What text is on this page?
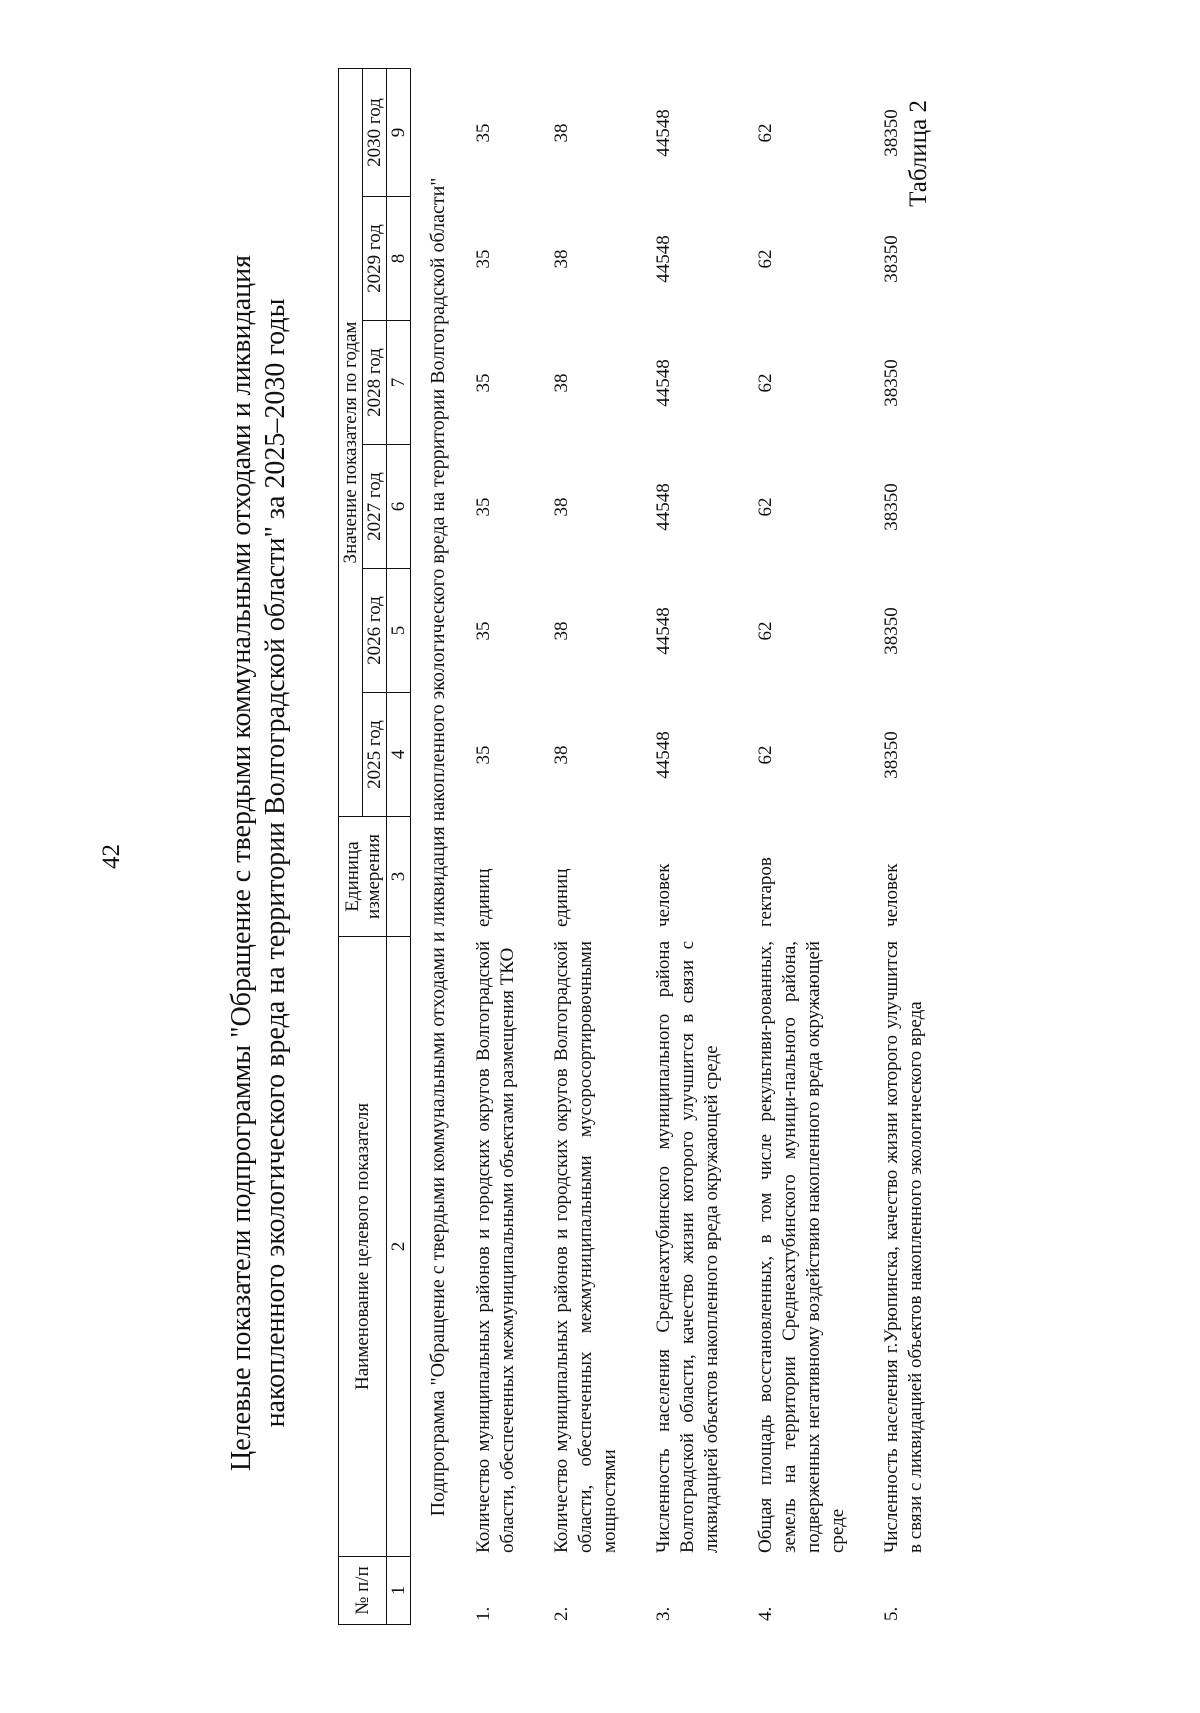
42
Таблица 2
Целевые показатели подпрограммы "Обращение с твердыми коммунальными отходами и ликвидация накопленного экологического вреда на территории Волгоградской области" за 2025–2030 годы
№ п/п	Наименование целевого показателя	Единица измерения	Значение показателя по годам					
			2025 год	2026 год	2027 год	2028 год	2029 год	2030 год
1	2	3	4	5	6	7	8	9
Подпрограмма "Обращение с твердыми коммунальными отходами и ликвидация накопленного экологического вреда на территории Волгоградской области"								
1.	Количество муниципальных районов и городских округов Волгоградской области, обеспеченных межмуниципальными объектами размещения ТКО	единиц	35	35	35	35	35	35
2.	Количество муниципальных районов и городских округов Волгоградской области, обеспеченных межмуниципальными мусоросортировочными мощностями	единиц	38	38	38	38	38	38
3.	Численность населения Среднеахтубинского муниципального района Волгоградской области, качество жизни которого улучшится в связи с ликвидацией объектов накопленного вреда окружающей среде	человек	44548	44548	44548	44548	44548	44548
4.	Общая площадь восстановленных, в том числе рекультиви-рованных, земель на территории Среднеахтубинского муници-пального района, подверженных негативному воздействию накопленного вреда окружающей среде	гектаров	62	62	62	62	62	62
5.	Численность населения г.Урюпинска, качество жизни которого улучшится в связи с ликвидацией объектов накопленного экологического вреда	человек	38350	38350	38350	38350	38350	38350
